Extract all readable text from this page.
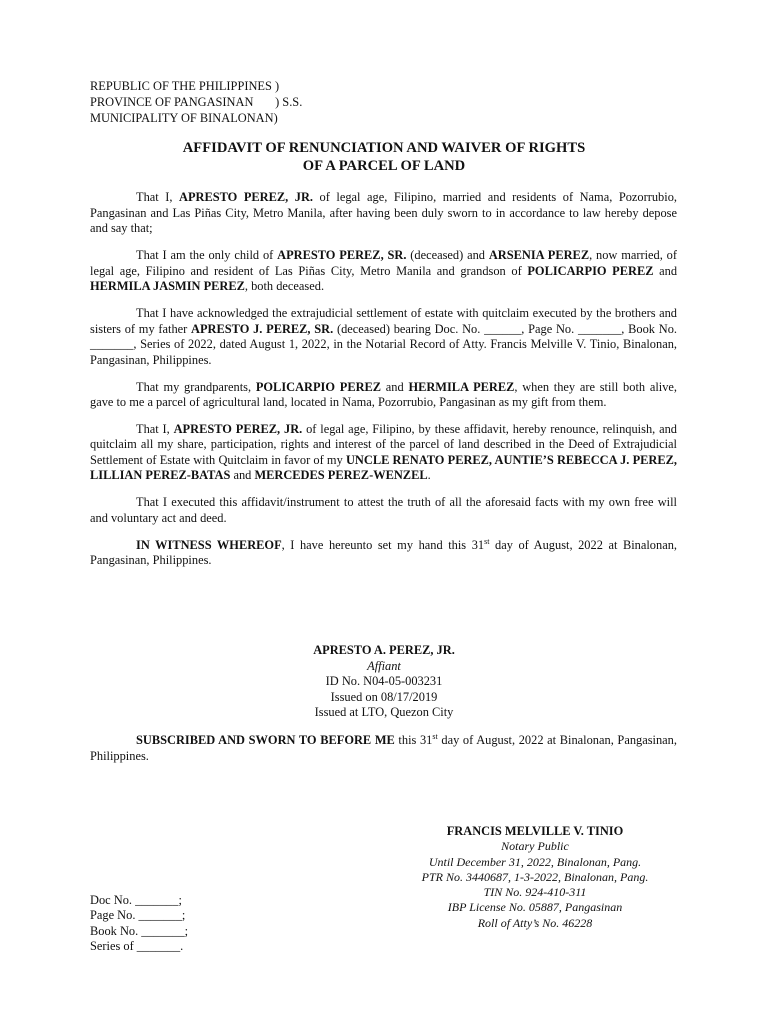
REPUBLIC OF THE PHILIPPINES )
PROVINCE OF PANGASINAN       ) S.S.
MUNICIPALITY OF BINALONAN)
AFFIDAVIT OF RENUNCIATION AND WAIVER OF RIGHTS
OF A PARCEL OF LAND

That I, APRESTO PEREZ, JR. of legal age, Filipino, married and residents of Nama, Pozorrubio, Pangasinan and Las Piñas City, Metro Manila, after having been duly sworn to in accordance to law hereby depose and say that;

That I am the only child of APRESTO PEREZ, SR. (deceased) and ARSENIA PEREZ, now married, of legal age, Filipino and resident of Las Piñas City, Metro Manila and grandson of POLICARPIO PEREZ and HERMILA JASMIN PEREZ, both deceased.

That I have acknowledged the extrajudicial settlement of estate with quitclaim executed by the brothers and sisters of my father APRESTO J. PEREZ, SR. (deceased) bearing Doc. No. ______, Page No. _______, Book No. _______, Series of 2022, dated August 1, 2022, in the Notarial Record of Atty. Francis Melville V. Tinio, Binalonan, Pangasinan, Philippines.

That my grandparents, POLICARPIO PEREZ and HERMILA PEREZ, when they are still both alive, gave to me a parcel of agricultural land, located in Nama, Pozorrubio, Pangasinan as my gift from them.

That I, APRESTO PEREZ, JR. of legal age, Filipino, by these affidavit, hereby renounce, relinquish, and quitclaim all my share, participation, rights and interest of the parcel of land described in the Deed of Extrajudicial Settlement of Estate with Quitclaim in favor of my UNCLE RENATO PEREZ, AUNTIE’S REBECCA J. PEREZ, LILLIAN PEREZ-BATAS and MERCEDES PEREZ-WENZEL.

That I executed this affidavit/instrument to attest the truth of all the aforesaid facts with my own free will and voluntary act and deed.

IN WITNESS WHEREOF, I have hereunto set my hand this 31st day of August, 2022 at Binalonan, Pangasinan, Philippines.

APRESTO A. PEREZ, JR.
Affiant
ID No. N04-05-003231
Issued on 08/17/2019
Issued at LTO, Quezon City
SUBSCRIBED AND SWORN TO BEFORE ME this 31st day of August, 2022 at Binalonan, Pangasinan, Philippines.
FRANCIS MELVILLE V. TINIO
Notary Public
Until December 31, 2022, Binalonan, Pang.
PTR No. 3440687, 1-3-2022, Binalonan, Pang.
TIN No. 924-410-311
IBP License No. 05887, Pangasinan
Roll of Atty’s No. 46228
Doc No. _______;
Page No. _______;
Book No. _______;
Series of _______.
